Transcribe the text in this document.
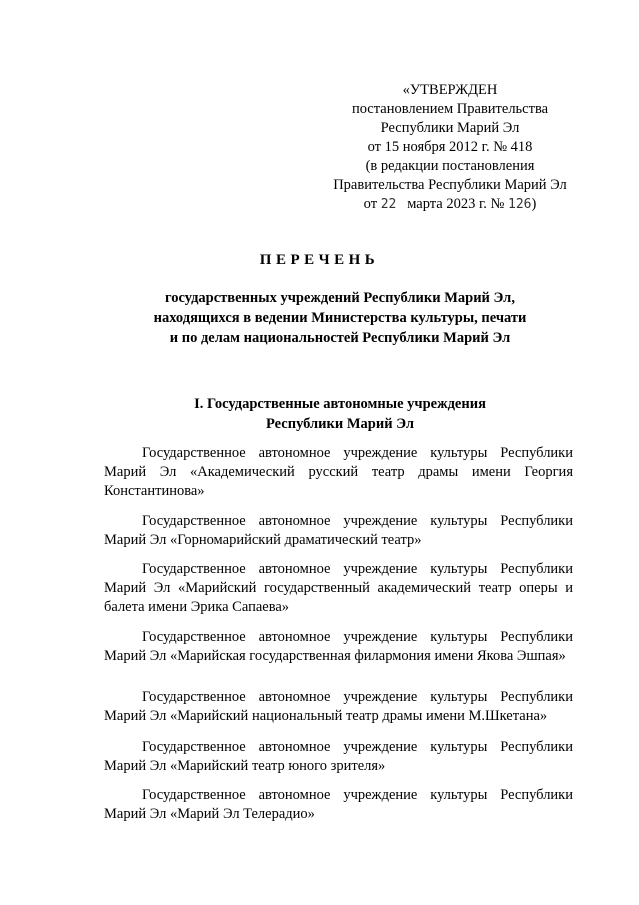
«УТВЕРЖДЕН
постановлением Правительства
Республики Марий Эл
от 15 ноября 2012 г. № 418
(в редакции постановления
Правительства Республики Марий Эл
от 22 марта 2023 г. № 126)
ПЕРЕЧЕНЬ
государственных учреждений Республики Марий Эл,
находящихся в ведении Министерства культуры, печати
и по делам национальностей Республики Марий Эл
I. Государственные автономные учреждения
Республики Марий Эл
Государственное автономное учреждение культуры Республики Марий Эл «Академический русский театр драмы имени Георгия Константинова»
Государственное автономное учреждение культуры Республики Марий Эл «Горномарийский драматический театр»
Государственное автономное учреждение культуры Республики Марий Эл «Марийский государственный академический театр оперы и балета имени Эрика Сапаева»
Государственное автономное учреждение культуры Республики Марий Эл «Марийская государственная филармония имени Якова Эшпая»
Государственное автономное учреждение культуры Республики Марий Эл «Марийский национальный театр драмы имени М.Шкетана»
Государственное автономное учреждение культуры Республики Марий Эл «Марийский театр юного зрителя»
Государственное автономное учреждение культуры Республики Марий Эл «Марий Эл Телерадио»
